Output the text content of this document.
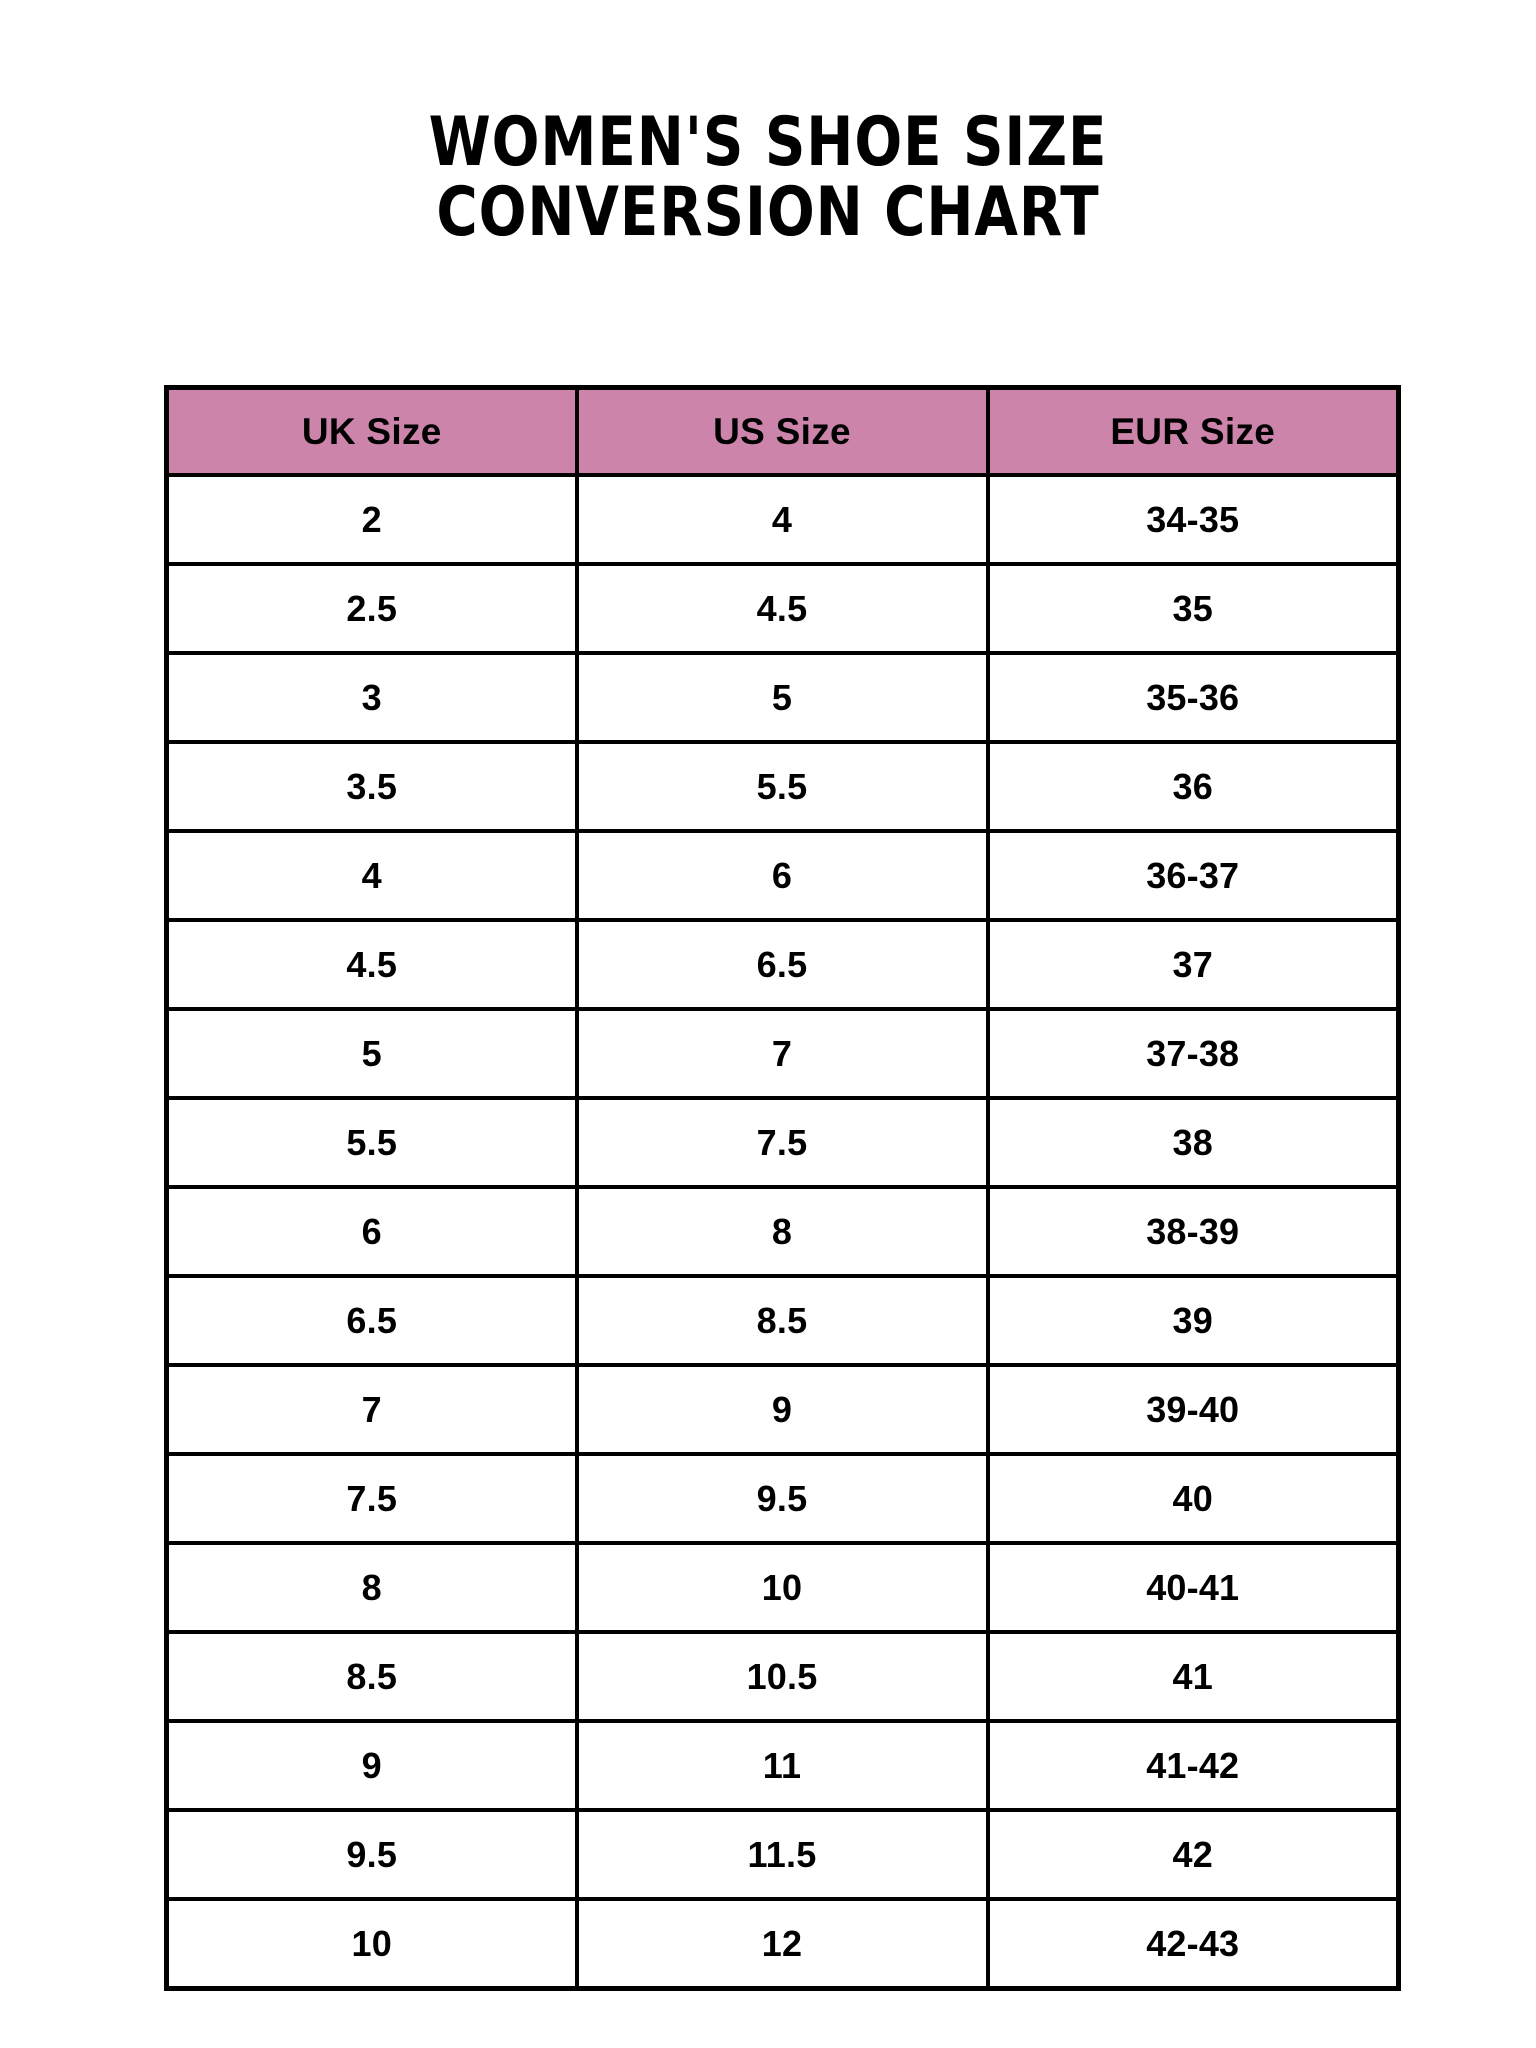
WOMEN'S SHOE SIZE
CONVERSION CHART
UK Size	US Size	EUR Size
2	4	34-35
2.5	4.5	35
3	5	35-36
3.5	5.5	36
4	6	36-37
4.5	6.5	37
5	7	37-38
5.5	7.5	38
6	8	38-39
6.5	8.5	39
7	9	39-40
7.5	9.5	40
8	10	40-41
8.5	10.5	41
9	11	41-42
9.5	11.5	42
10	12	42-43
